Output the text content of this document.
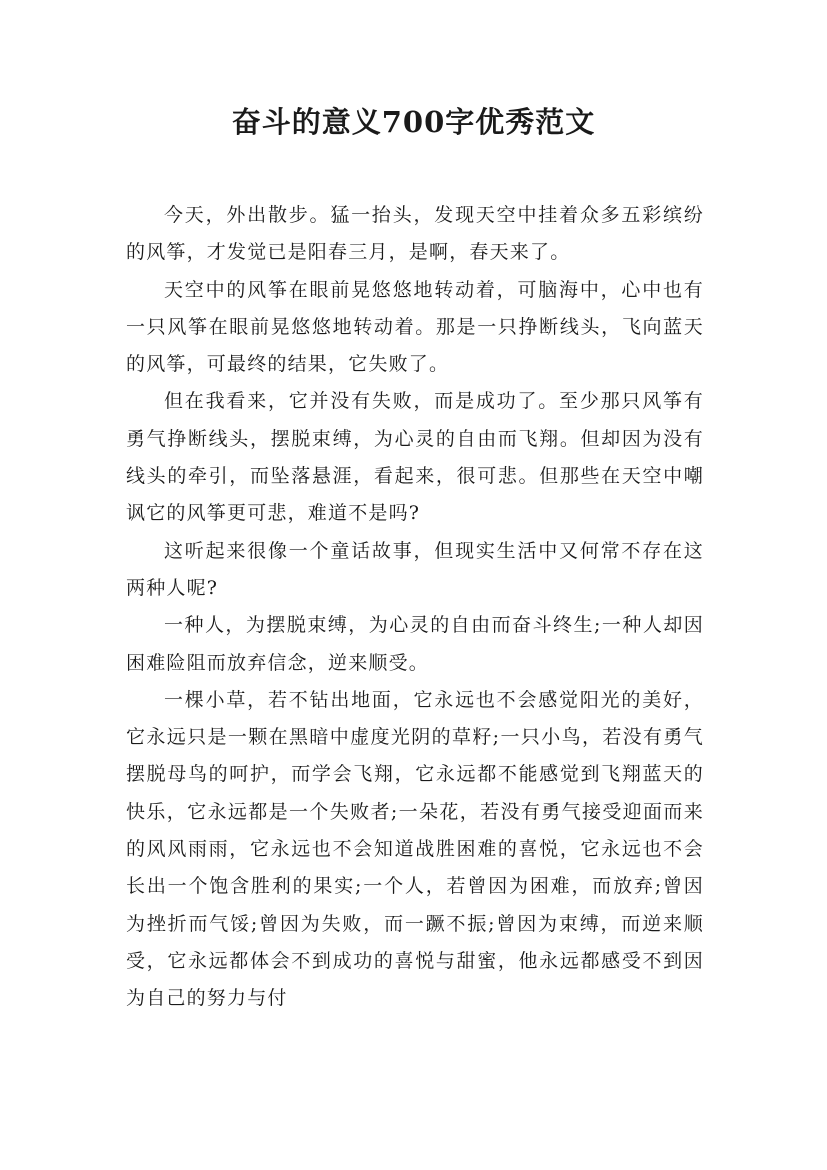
奋斗的意义700字优秀范文

今天，外出散步。猛一抬头，发现天空中挂着众多五彩缤纷的风筝，才发觉已是阳春三月，是啊，春天来了。

天空中的风筝在眼前晃悠悠地转动着，可脑海中，心中也有一只风筝在眼前晃悠悠地转动着。那是一只挣断线头，飞向蓝天的风筝，可最终的结果，它失败了。

但在我看来，它并没有失败，而是成功了。至少那只风筝有勇气挣断线头，摆脱束缚，为心灵的自由而飞翔。但却因为没有线头的牵引，而坠落悬涯，看起来，很可悲。但那些在天空中嘲讽它的风筝更可悲，难道不是吗?

这听起来很像一个童话故事，但现实生活中又何常不存在这两种人呢?

一种人，为摆脱束缚，为心灵的自由而奋斗终生;一种人却因困难险阻而放弃信念，逆来顺受。

一棵小草，若不钻出地面，它永远也不会感觉阳光的美好，它永远只是一颗在黑暗中虚度光阴的草籽;一只小鸟，若没有勇气摆脱母鸟的呵护，而学会飞翔，它永远都不能感觉到飞翔蓝天的快乐，它永远都是一个失败者;一朵花，若没有勇气接受迎面而来的风风雨雨，它永远也不会知道战胜困难的喜悦，它永远也不会长出一个饱含胜利的果实;一个人，若曾因为困难，而放弃;曾因为挫折而气馁;曾因为失败，而一蹶不振;曾因为束缚，而逆来顺受，它永远都体会不到成功的喜悦与甜蜜，他永远都感受不到因为自己的努力与付
